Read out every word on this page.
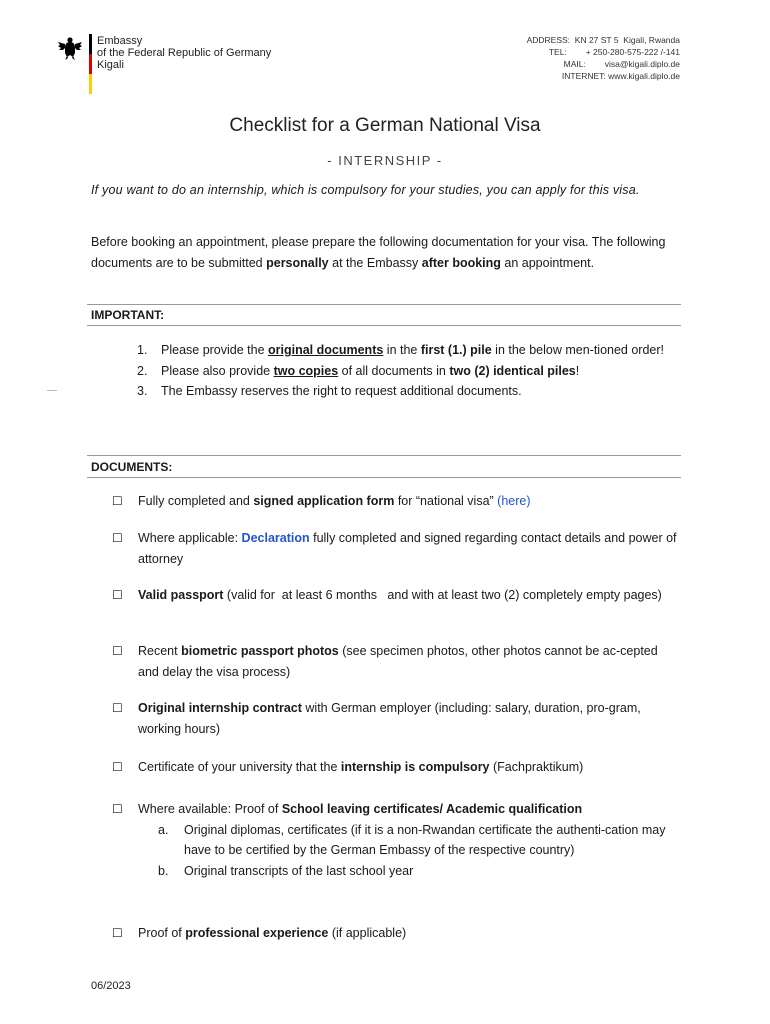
Embassy
of the Federal Republic of Germany
Kigali
ADDRESS:
KN 27 ST 5  Kigali, Rwanda
TEL:
+ 250-280-575-222 /-141
MAIL:
visa@kigali.diplo.de
INTERNET:
www.kigali.diplo.de
Checklist for a German National Visa
- INTERNSHIP -
If you want to do an internship, which is compulsory for your studies, you can apply for this visa.
Before booking an appointment, please prepare the following documentation for your visa. The following documents are to be submitted personally at the Embassy after booking an appointment.
IMPORTANT:
1.	Please provide the original documents in the first (1.) pile in the below men-tioned order!
2.	Please also provide two copies of all documents in two (2) identical piles!
3.	The Embassy reserves the right to request additional documents.
DOCUMENTS:
☐	Fully completed and signed application form for “national visa” (here)
☐	Where applicable: Declaration fully completed and signed regarding contact details and power of attorney
☐	Valid passport (valid for  at least 6 months   and with at least two (2) completely empty pages)
☐	Recent biometric passport photos (see specimen photos, other photos cannot be ac-cepted and delay the visa process)
☐	Original internship contract with German employer (including: salary, duration, pro-gram, working hours)
☐	Certificate of your university that the internship is compulsory (Fachpraktikum)
☐	Where available: Proof of School leaving certificates/ Academic qualification
a.	Original diplomas, certificates (if it is a non-Rwandan certificate the authenti-cation may have to be certified by the German Embassy of the respective country)
b.	Original transcripts of the last school year
☐	Proof of professional experience (if applicable)
06/2023
